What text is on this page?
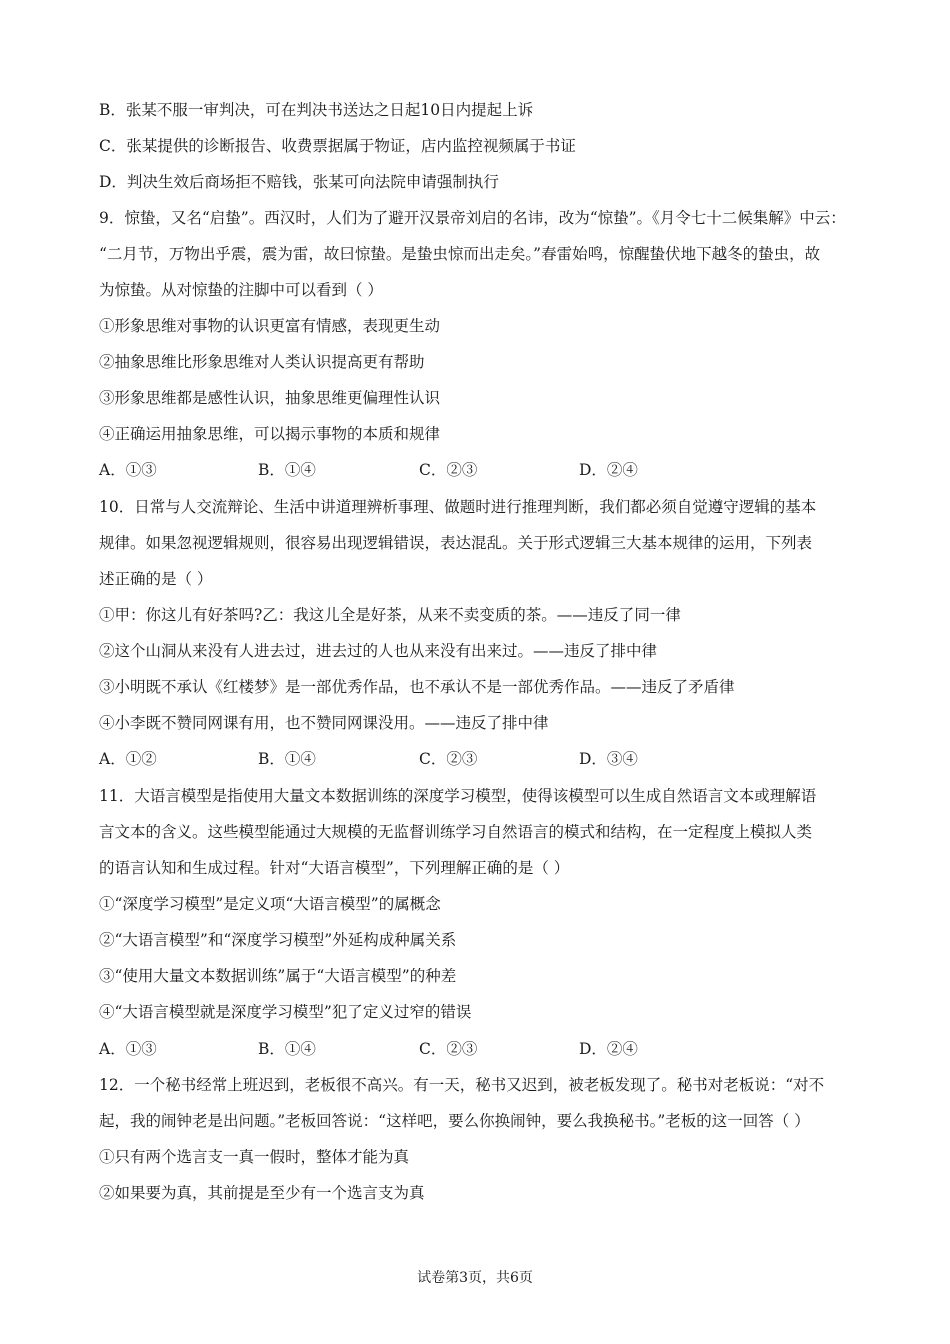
B．张某不服一审判决，可在判决书送达之日起10日内提起上诉
C．张某提供的诊断报告、收费票据属于物证，店内监控视频属于书证
D．判决生效后商场拒不赔钱，张某可向法院申请强制执行
9．惊蛰，又名“启蛰”。西汉时，人们为了避开汉景帝刘启的名讳，改为“惊蛰”。《月令七十二候集解》中云：
“二月节，万物出乎震，震为雷，故曰惊蛰。是蛰虫惊而出走矣。”春雷始鸣，惊醒蛰伏地下越冬的蛰虫，故
为惊蛰。从对惊蛰的注脚中可以看到（ ）
①形象思维对事物的认识更富有情感，表现更生动
②抽象思维比形象思维对人类认识提高更有帮助
③形象思维都是感性认识，抽象思维更偏理性认识
④正确运用抽象思维，可以揭示事物的本质和规律
A．①③	B．①④	C．②③	D．②④
10．日常与人交流辩论、生活中讲道理辨析事理、做题时进行推理判断，我们都必须自觉遵守逻辑的基本
规律。如果忽视逻辑规则，很容易出现逻辑错误，表达混乱。关于形式逻辑三大基本规律的运用，下列表
述正确的是（ ）
①甲：你这儿有好茶吗?乙：我这儿全是好茶，从来不卖变质的茶。——违反了同一律
②这个山洞从来没有人进去过，进去过的人也从来没有出来过。——违反了排中律
③小明既不承认《红楼梦》是一部优秀作品，也不承认不是一部优秀作品。——违反了矛盾律
④小李既不赞同网课有用，也不赞同网课没用。——违反了排中律
A．①②	B．①④	C．②③	D．③④
11．大语言模型是指使用大量文本数据训练的深度学习模型，使得该模型可以生成自然语言文本或理解语
言文本的含义。这些模型能通过大规模的无监督训练学习自然语言的模式和结构，在一定程度上模拟人类
的语言认知和生成过程。针对“大语言模型”，下列理解正确的是（ ）
①“深度学习模型”是定义项“大语言模型”的属概念
②“大语言模型”和“深度学习模型”外延构成种属关系
③“使用大量文本数据训练”属于“大语言模型”的种差
④“大语言模型就是深度学习模型”犯了定义过窄的错误
A．①③	B．①④	C．②③	D．②④
12．一个秘书经常上班迟到，老板很不高兴。有一天，秘书又迟到，被老板发现了。秘书对老板说：“对不
起，我的闹钟老是出问题。”老板回答说：“这样吧，要么你换闹钟，要么我换秘书。”老板的这一回答（ ）
①只有两个选言支一真一假时，整体才能为真
②如果要为真，其前提是至少有一个选言支为真
试卷第3页，共6页
